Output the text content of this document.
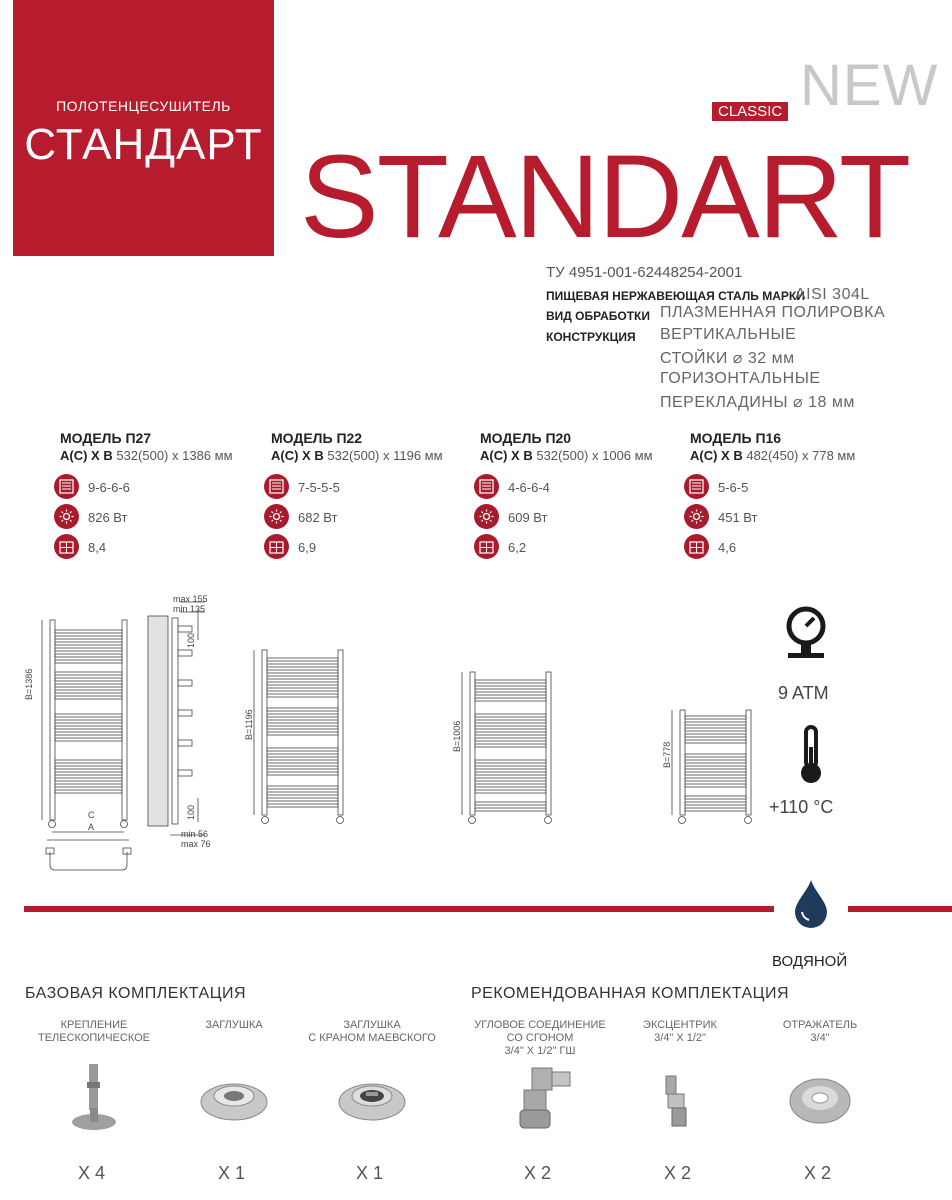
ПОЛОТЕНЦЕСУШИТЕЛЬ
СТАНДАРТ
NEW
CLASSIC
STANDART
ТУ 4951-001-62448254-2001
ПИЩЕВАЯ НЕРЖАВЕЮЩАЯ СТАЛЬ МАРКИ
AISI 304L
ВИД ОБРАБОТКИ ПЛАЗМЕННАЯ ПОЛИРОВКА
КОНСТРУКЦИЯ ВЕРТИКАЛЬНЫЕ
СТОЙКИ ⌀ 32 мм
ГОРИЗОНТАЛЬНЫЕ
ПЕРЕКЛАДИНЫ ⌀ 18 мм
МОДЕЛЬ П27
A(C) X B 532(500) x 1386 мм
МОДЕЛЬ П22
A(C) X B 532(500) x 1196 мм
МОДЕЛЬ П20
A(C) X B 532(500) x 1006 мм
МОДЕЛЬ П16
A(C) X B 482(450) x 778 мм
9-6-6-6
826 Вт
8,4
7-5-5-5
682 Вт
6,9
4-6-6-4
609 Вт
6,2
5-6-5
451 Вт
4,6
B=1386
B=1196	B=1006
B=778
C
A
max 155
min 135
100
100
min 56
max 76
9 ATM
+110 °C
ВОДЯНОЙ
БАЗОВАЯ КОМПЛЕКТАЦИЯ	РЕКОМЕНДОВАННАЯ КОМПЛЕКТАЦИЯ
КРЕПЛЕНИЕ
ТЕЛЕСКОПИЧЕСКОЕ
X 4
ЗАГЛУШКА
X 1
ЗАГЛУШКА
С КРАНОМ МАЕВСКОГО
X 1
УГЛОВОЕ СОЕДИНЕНИЕ
СО СГОНОМ
3/4" X 1/2" ГШ
X 2
ЭКСЦЕНТРИК
3/4" X 1/2"
X 2
ОТРАЖАТЕЛЬ
3/4"
X 2
